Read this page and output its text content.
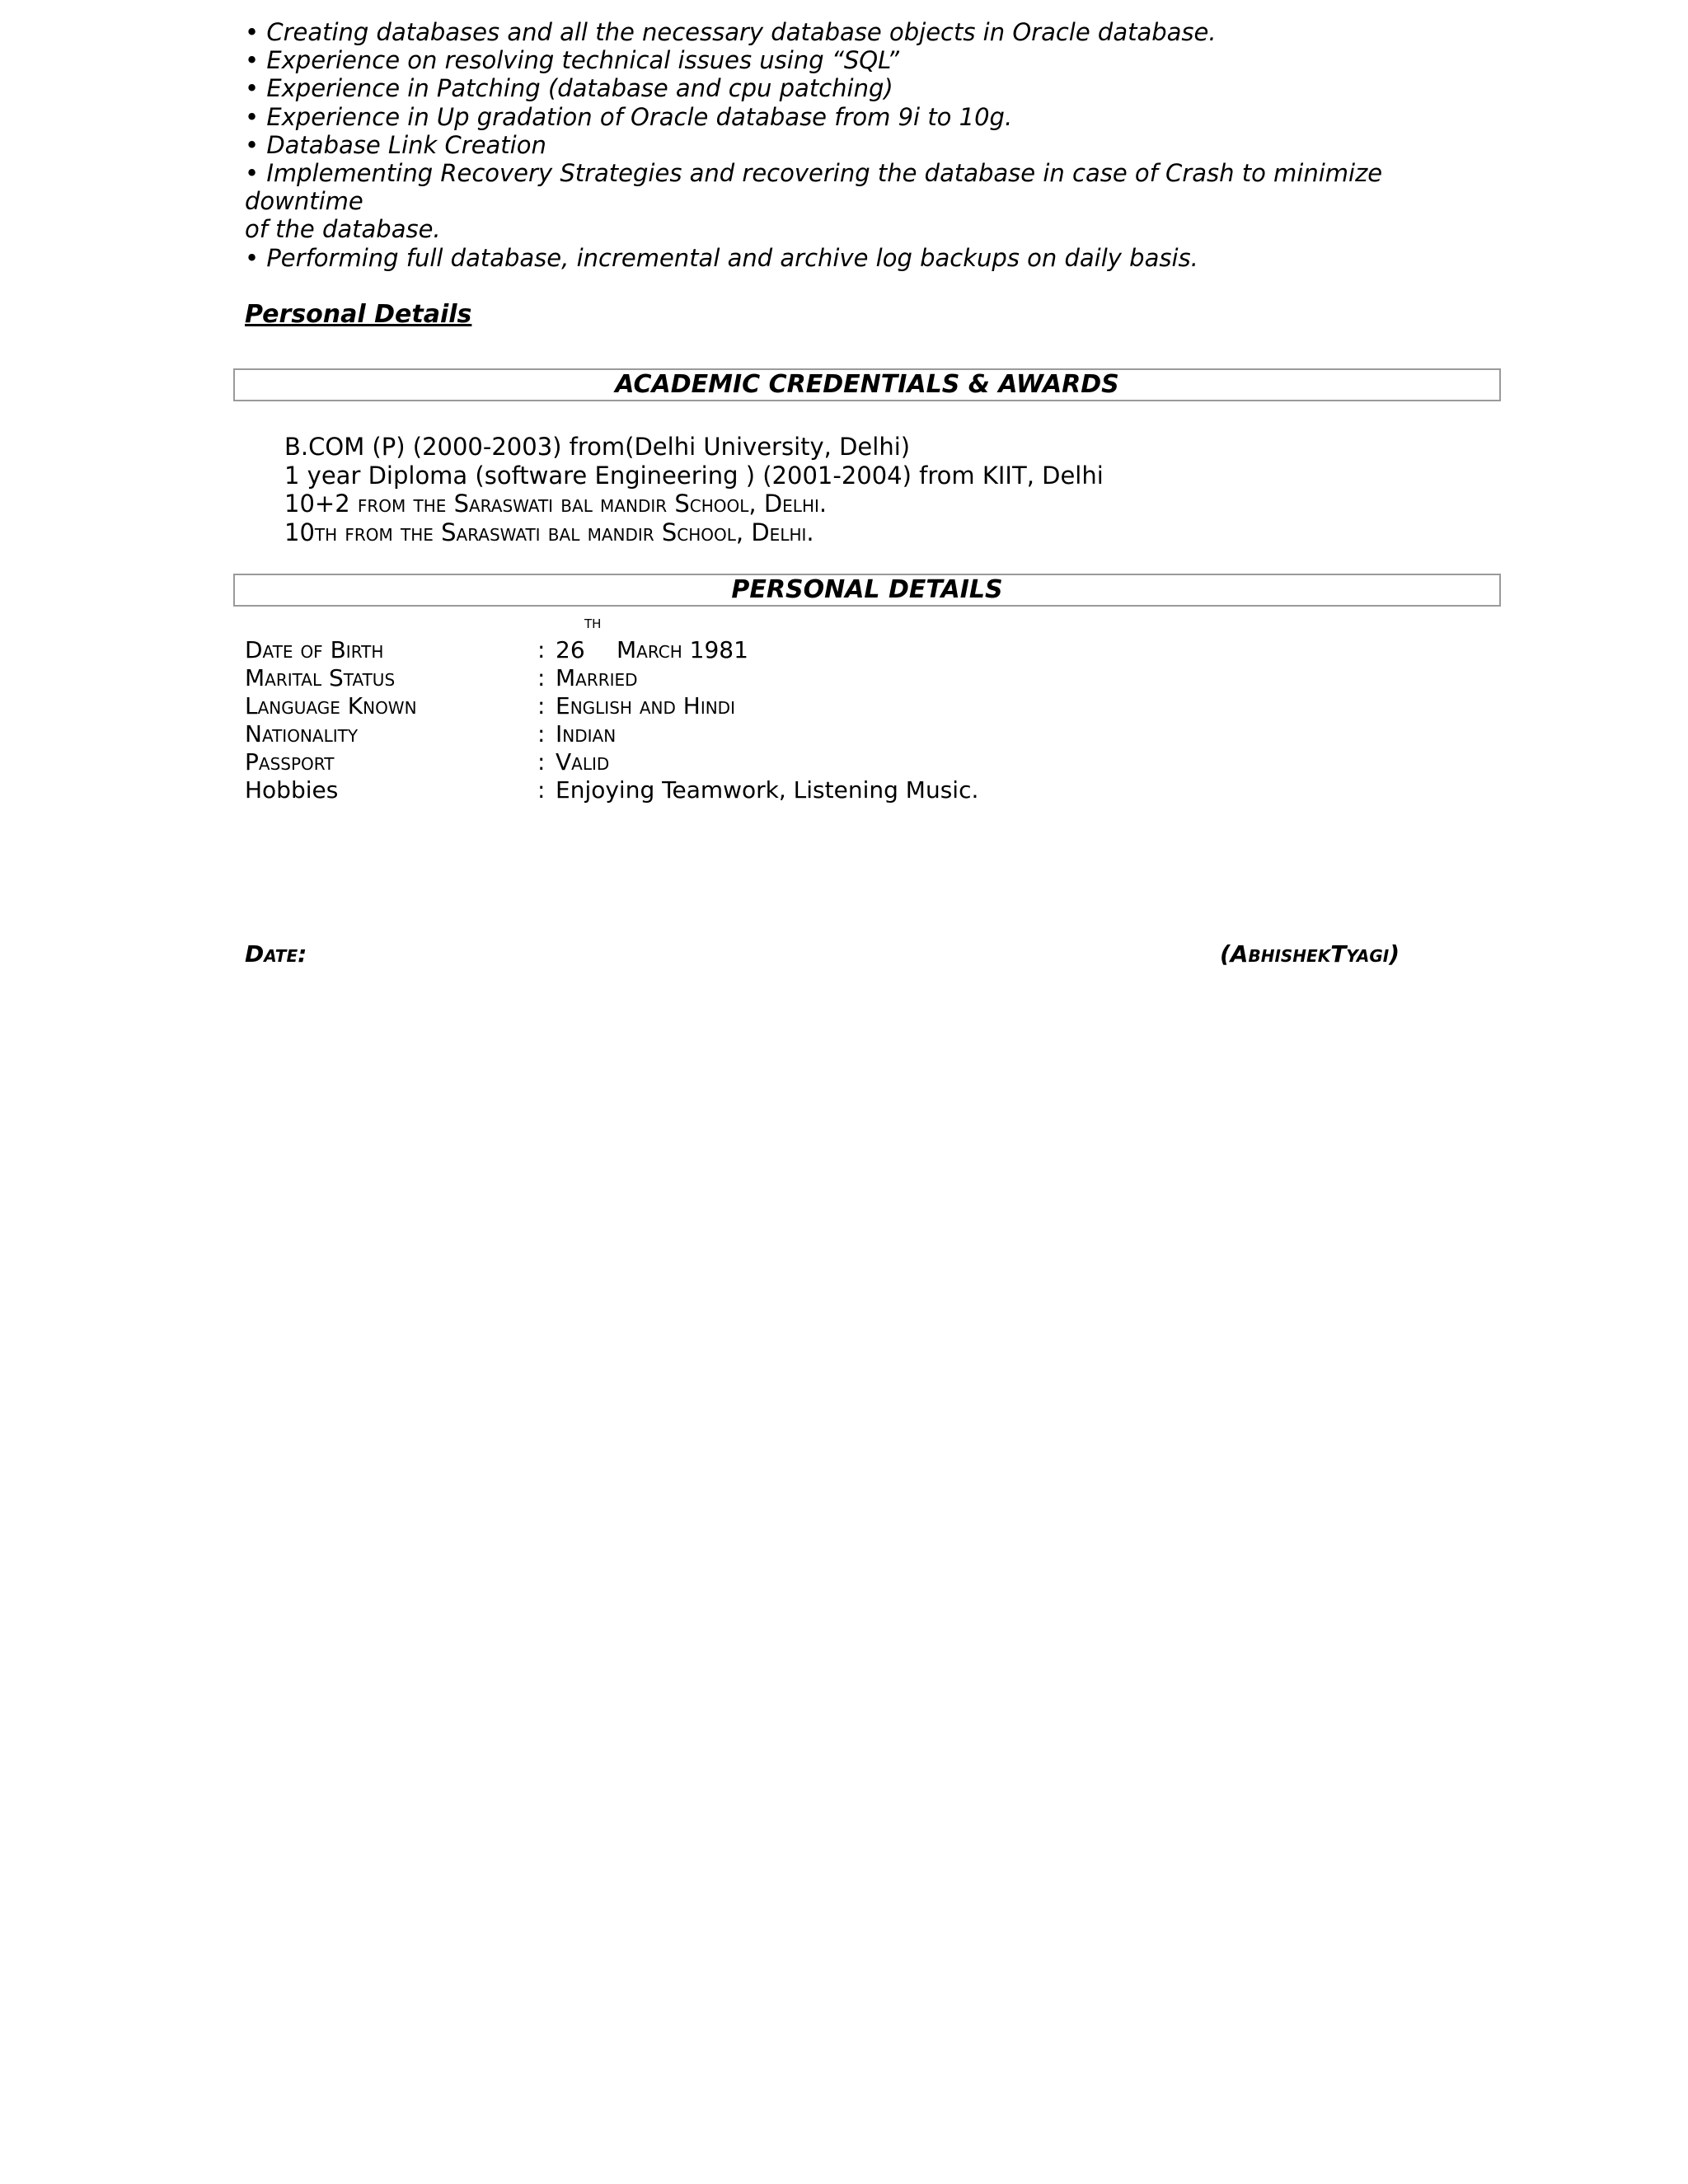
• Creating databases and all the necessary database objects in Oracle database.

• Experience on resolving technical issues using “SQL”

• Experience in Patching (database and cpu patching)

• Experience in Up gradation of Oracle database from 9i to 10g.

• Database Link Creation

• Implementing Recovery Strategies and recovering the database in case of Crash to minimize downtime

of the database.

• Performing full database, incremental and archive log backups on daily basis.

Personal Details
ACADEMIC CREDENTIALS & AWARDS
B.COM (P) (2000-2003) from(Delhi University, Delhi)
1 year Diploma (software Engineering ) (2001-2004) from KIIT, Delhi
10+2 from the Saraswati bal mandir School, Delhi.
10th from the Saraswati bal mandir School, Delhi.
PERSONAL DETAILS
th
Date of Birth	: 26 March 1981
Marital Status	: Married
Language Known	: English and Hindi
Nationality	: Indian
Passport	: Valid
Hobbies	: Enjoying Teamwork, Listening Music.
Date:	(AbhishekTyagi)
